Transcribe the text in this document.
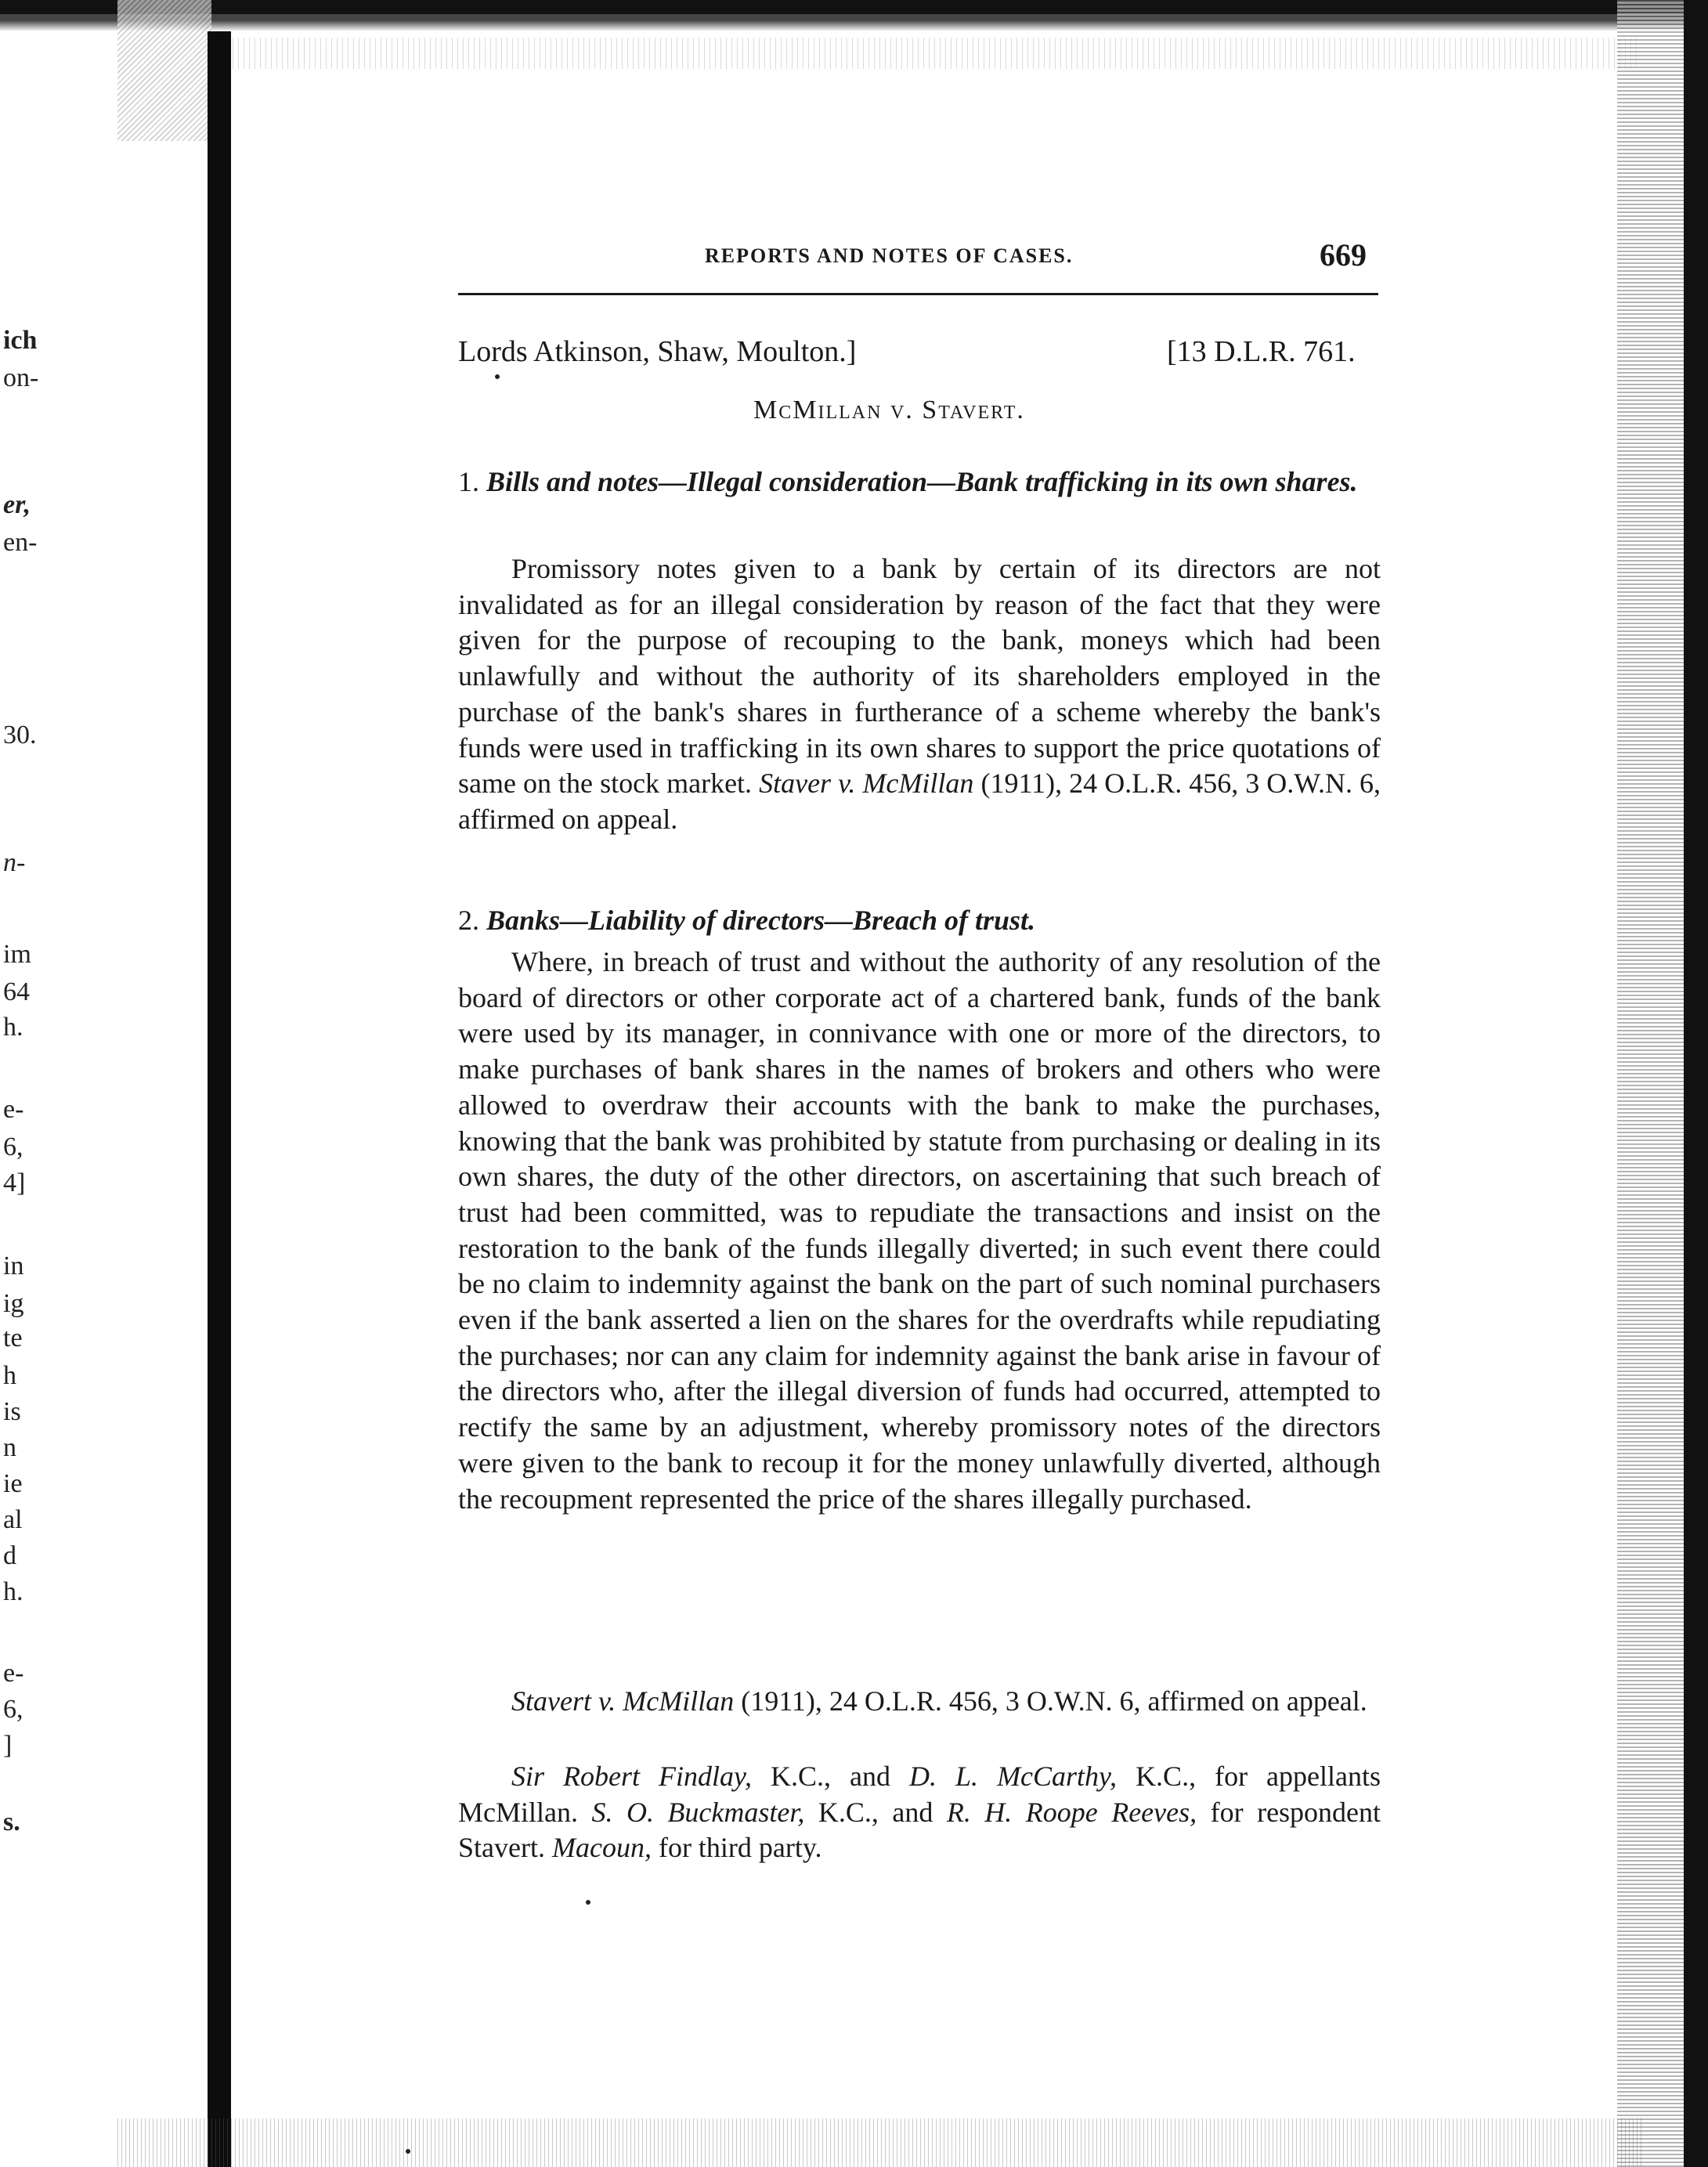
ich
on-
er,
en-
30.
n-
im
64
h.
e-
6,
4]
in
ig
te
h
is
n
ie
al
d
h.
e-
6,
]
s.
REPORTS AND NOTES OF CASES.	669
Lords Atkinson, Shaw, Moulton.]	[13 D.L.R. 761.
McMillan v. Stavert.
1. Bills and notes—Illegal consideration—Bank trafficking in its own shares.
Promissory notes given to a bank by certain of its directors are not invalidated as for an illegal consideration by reason of the fact that they were given for the purpose of recouping to the bank, moneys which had been unlawfully and without the authority of its shareholders employed in the purchase of the bank's shares in furtherance of a scheme whereby the bank's funds were used in trafficking in its own shares to support the price quotations of same on the stock market. Staver v. McMillan (1911), 24 O.L.R. 456, 3 O.W.N. 6, affirmed on appeal.
2. Banks—Liability of directors—Breach of trust.
Where, in breach of trust and without the authority of any resolution of the board of directors or other corporate act of a chartered bank, funds of the bank were used by its manager, in connivance with one or more of the directors, to make purchases of bank shares in the names of brokers and others who were allowed to overdraw their accounts with the bank to make the purchases, knowing that the bank was prohibited by statute from purchasing or dealing in its own shares, the duty of the other directors, on ascertaining that such breach of trust had been committed, was to repudiate the transactions and insist on the restoration to the bank of the funds illegally diverted; in such event there could be no claim to indemnity against the bank on the part of such nominal purchasers even if the bank asserted a lien on the shares for the overdrafts while repudiating the purchases; nor can any claim for indemnity against the bank arise in favour of the directors who, after the illegal diversion of funds had occurred, attempted to rectify the same by an adjustment, whereby promissory notes of the directors were given to the bank to recoup it for the money unlawfully diverted, although the recoupment represented the price of the shares illegally purchased.
Stavert v. McMillan (1911), 24 O.L.R. 456, 3 O.W.N. 6, affirmed on appeal.
Sir Robert Findlay, K.C., and D. L. McCarthy, K.C., for appellants McMillan. S. O. Buckmaster, K.C., and R. H. Roope Reeves, for respondent Stavert. Macoun, for third party.
